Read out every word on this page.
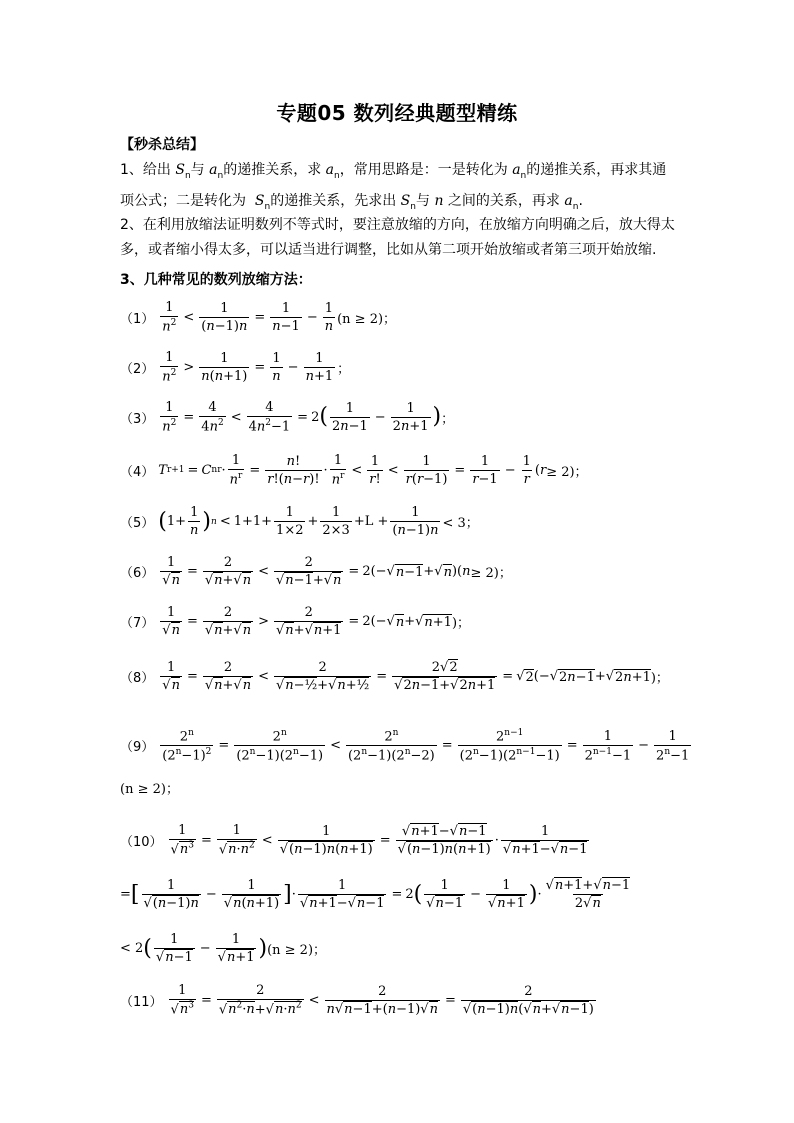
专题05 数列经典题型精练
【秒杀总结】
1、给出 $S_n$与 $a_n$的递推关系，求 $a_n$，常用思路是：一是转化为 $a_n$的递推关系，再求其通项公式；二是转化为  $S_n$的递推关系，先求出 $S_n$与 n 之间的关系，再求 $a_n$.
2、在利用放缩法证明数列不等式时，要注意放缩的方向，在放缩方向明确之后，放大得太多，或者缩小得太多，可以适当进行调整，比如从第二项开始放缩或者第三项开始放缩.
3、几种常见的数列放缩方法：
$(1) \frac{1}{n^2} < \frac{1}{(n-1)n} = \frac{1}{n-1} - \frac{1}{n} (n \ge 2)$；
$(2) \frac{1}{n^2} > \frac{1}{n(n+1)} = \frac{1}{n} - \frac{1}{n+1}$ ；
$(3) \frac{1}{n^2} = \frac{4}{4n^2} < \frac{4}{4n^2-1} = 2$ ( $\frac{1}{2n-1} - \frac{1}{2n+1}$ ) ；
（4） T r+1 = C n $r \cdot \frac{1}{n^r} = \frac{n!}{r!(n-r)!} \cdot \frac{1}{n^r} < \frac{1}{r!} < \frac{1}{r(r-1)} = \frac{1}{r-1} - \frac{1}{r}$ ( r ≥ 2)；
（5） ( $1+ \frac{1}{n}$ ) $n < 1+1+ \frac{1}{1\times 2} + \frac{1}{2\times 3} +L + \frac{1}{(n-1)n} < 3$；
$(6) \frac{1}{√n} = \frac{2}{√n+√n} < \frac{2}{√n-1+√n} = 2(-√$ n−1 +√ n )( n ≥ 2)；
$(7) \frac{1}{√n} = \frac{2}{√n+√n} > \frac{2}{√n+√n+1} = 2(-√$ n +√ n+1 )；
$(8) \frac{1}{√n} = \frac{2}{√n+√n} < \frac{2}{\text{√n−½+√n+½}} = \frac{2√2}{√2n-1+√2n+1}$ = √ 2 (−√ 2n−1 +√ 2n+1 )；
$(9) \frac{2^n}{(2^n-1)^2} = \frac{2^n}{(2^n-1)(2^n-1)} < \frac{2^n}{(2^n-1)(2^n-2)} = \frac{2^{n-1}}{(2^n-1)(2^{n-1}-1)} = \frac{1}{2^{n-1}-1} - \frac{1}{2^n-1}$
(n ≥ 2)；
$(10) \frac{1}{√n^3} = \frac{1}{√n\cdot n^2} < \frac{1}{√(n-1)n(n+1)} = \frac{√n+1-√n-1}{√(n-1)n(n+1)} \cdot \frac{1}{√n+1-√n-1}$
= [ $\frac{1}{√(n-1)n} - \frac{1}{√n(n+1)}$ ] · $\frac{1}{√n+1-√n-1} = 2$ ( $\frac{1}{√n-1} - \frac{1}{√n+1}$ ) · $\frac{√n+1+√n-1}{2√n}$
< 2 ( $\frac{1}{√n-1} - \frac{1}{√n+1}$ ) (n ≥ 2)；
$(11) \frac{1}{√n^3} = \frac{2}{√n^2\cdot n+√n\cdot n^2} < \frac{2}{n√n-1+(n-1)√n} = \frac{2}{√(n-1)n(√n+√n-1)}$
